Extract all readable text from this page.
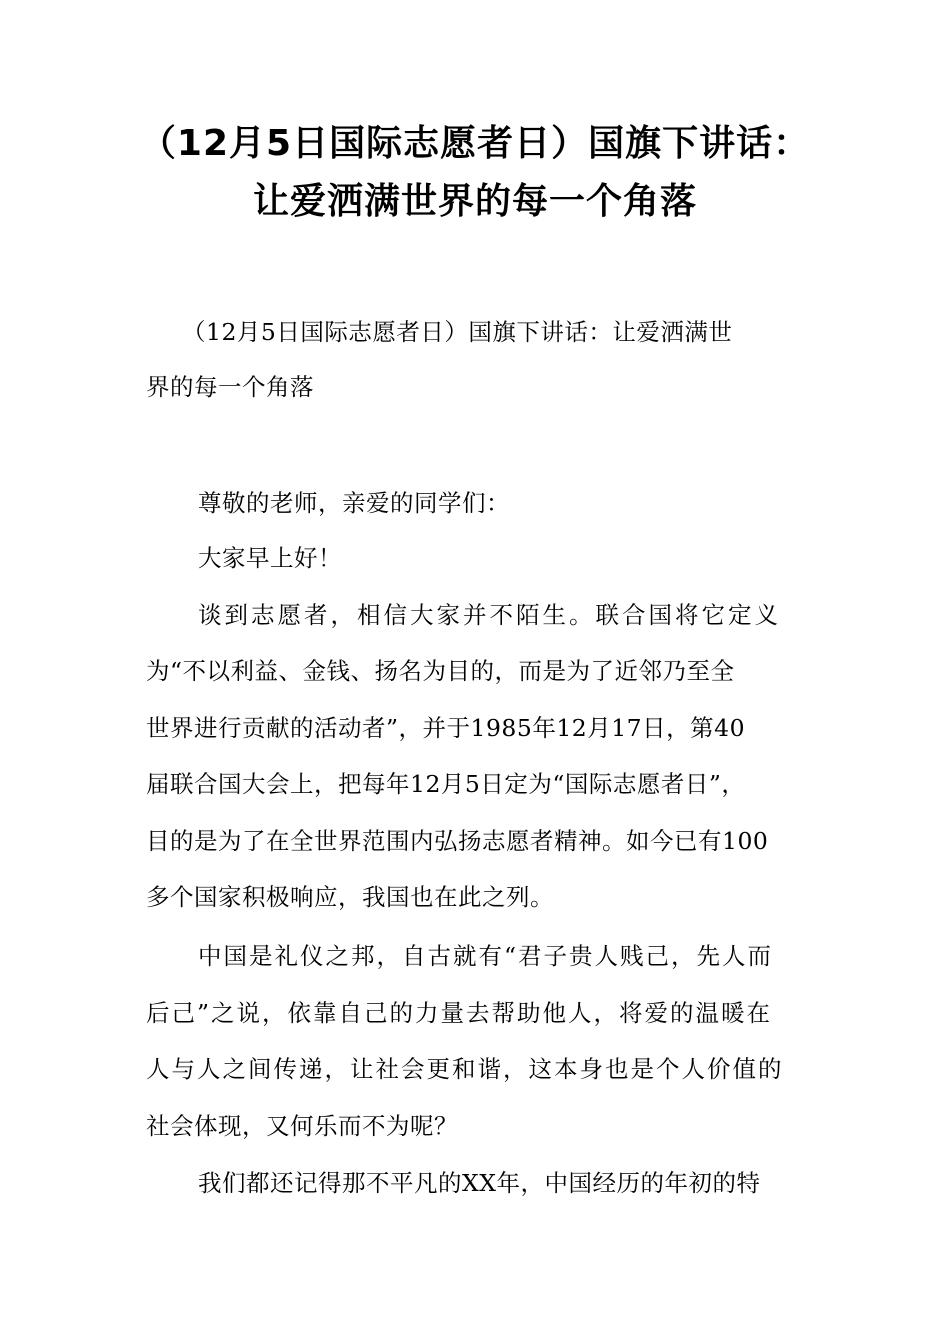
（12月5日国际志愿者日）国旗下讲话：
让爱洒满世界的每一个角落

（12月5日国际志愿者日）国旗下讲话：让爱洒满世

界的每一个角落

尊敬的老师，亲爱的同学们：

大家早上好！

谈到志愿者，相信大家并不陌生。联合国将它定义

为“不以利益、金钱、扬名为目的，而是为了近邻乃至全

世界进行贡献的活动者”，并于1985年12月17日，第40

届联合国大会上，把每年12月5日定为“国际志愿者日”，

目的是为了在全世界范围内弘扬志愿者精神。如今已有100

多个国家积极响应，我国也在此之列。

中国是礼仪之邦，自古就有“君子贵人贱己，先人而

后己”之说，依靠自己的力量去帮助他人，将爱的温暖在

人与人之间传递，让社会更和谐，这本身也是个人价值的

社会体现，又何乐而不为呢？

我们都还记得那不平凡的XX年，中国经历的年初的特
